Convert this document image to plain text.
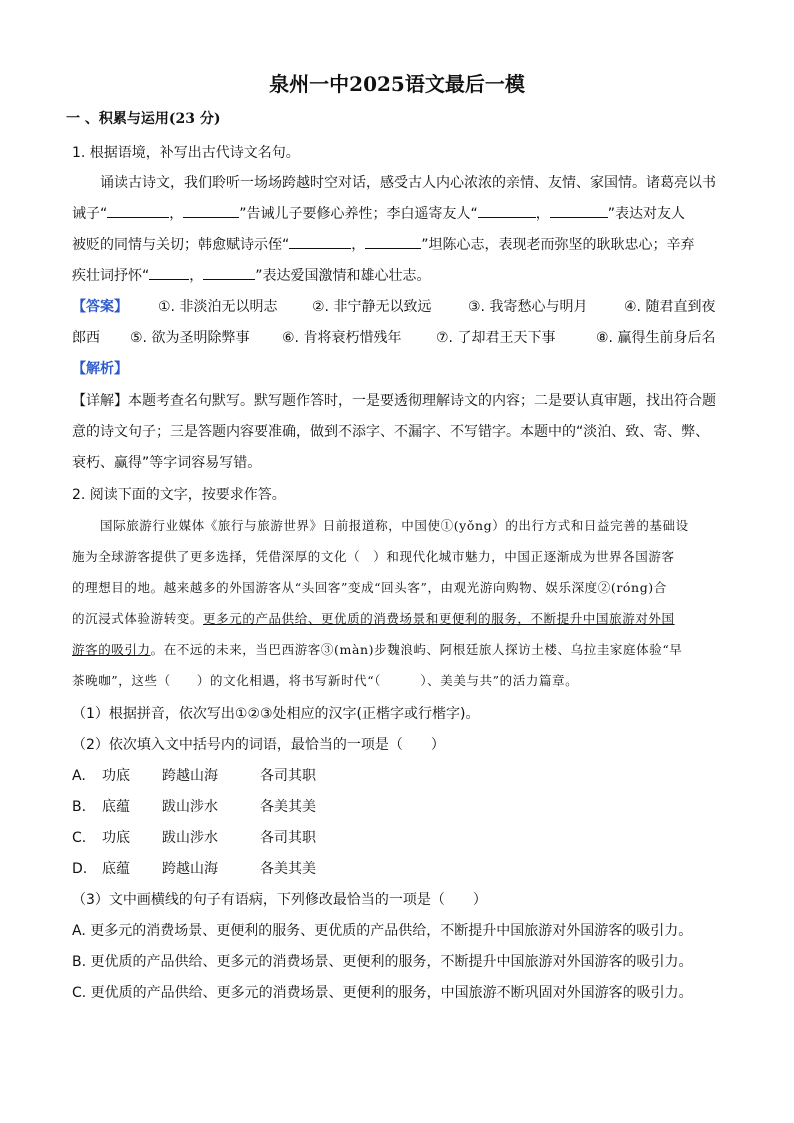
泉州一中2025语文最后一模
一 、积累与运用(23 分)
1. 根据语境，补写出古代诗文名句。
诵读古诗文，我们聆听一场场跨越时空对话，感受古人内心浓浓的亲情、友情、家国情。诸葛亮以书
诫子“	，	”告诫儿子要修心养性；李白遥寄友人“	，	”表达对友人
被贬的同情与关切；韩愈赋诗示侄“	，	”坦陈心志，表现老而弥坚的耿耿忠心；辛弃
疾壮词抒怀“	，	”表达爱国激情和雄心壮志。
【答案】 ①. 非淡泊无以明志 ②. 非宁静无以致远	③. 我寄愁心与明月	④. 随君直到夜
郎西 ⑤. 欲为圣明除弊事 ⑥. 肯将衰朽惜残年 ⑦. 了却君王天下事	⑧. 赢得生前身后名
【解析】
【详解】本题考查名句默写。默写题作答时，一是要透彻理解诗文的内容；二是要认真审题，找出符合题
意的诗文句子；三是答题内容要准确，做到不添字、不漏字、不写错字。本题中的“淡泊、致、寄、弊、
衰朽、赢得”等字词容易写错。
2. 阅读下面的文字，按要求作答。
国际旅游行业媒体《旅行与旅游世界》日前报道称，中国使①(yǒng）的出行方式和日益完善的基础设
施为全球游客提供了更多选择，凭借深厚的文化（　）和现代化城市魅力，中国正逐渐成为世界各国游客
的理想目的地。越来越多的外国游客从“头回客”变成“回头客”，由观光游向购物、娱乐深度②(róng)合
的沉浸式体验游转变。更多元的产品供给、更优质的消费场景和更便利的服务，不断提升中国旅游对外国
游客的吸引力。在不远的未来，当巴西游客③(màn)步魏浪屿、阿根廷旅人探访土楼、乌拉圭家庭体验“早
茶晚咖”，这些（　　）的文化相遇，将书写新时代“（　　　）、美美与共”的活力篇章。
（1）根据拼音，依次写出①②③处相应的汉字(正楷字或行楷字)。
（2）依次填入文中括号内的词语，最恰当的一项是（　　）
A. 功底 跨越山海	各司其职
B. 底蕴 跋山涉水	各美其美
C. 功底 跋山涉水	各司其职
D. 底蕴 跨越山海	各美其美
（3）文中画横线的句子有语病，下列修改最恰当的一项是（　　）
A. 更多元的消费场景、更便利的服务、更优质的产品供给，不断提升中国旅游对外国游客的吸引力。
B. 更优质的产品供给、更多元的消费场景、更便利的服务，不断提升中国旅游对外国游客的吸引力。
C. 更优质的产品供给、更多元的消费场景、更便利的服务，中国旅游不断巩固对外国游客的吸引力。
